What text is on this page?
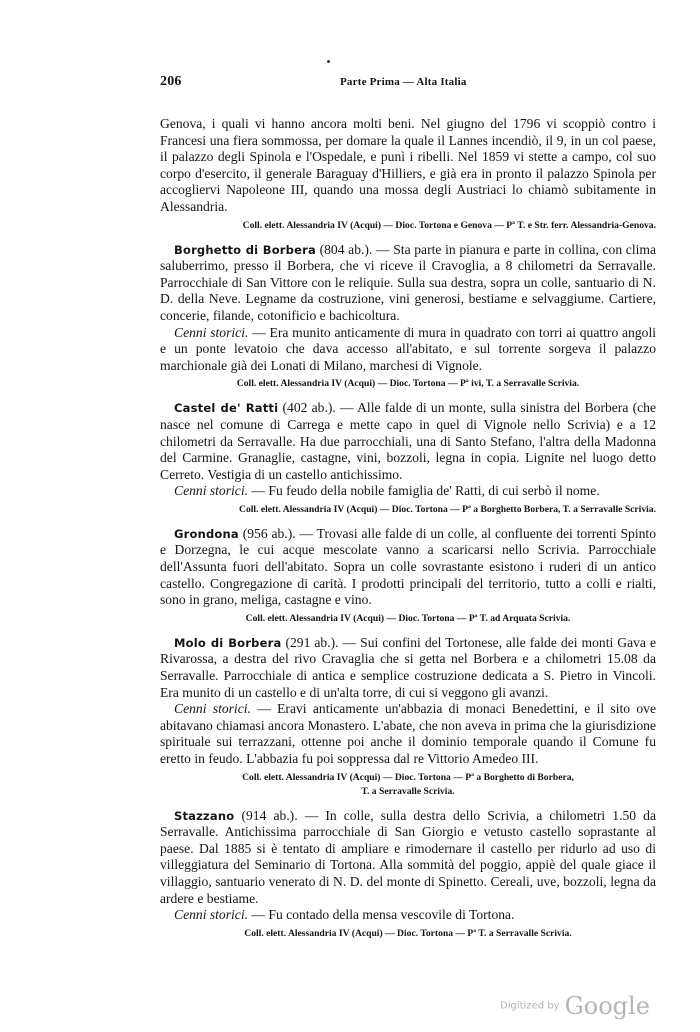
206	Parte Prima — Alta Italia

Genova, i quali vi hanno ancora molti beni. Nel giugno del 1796 vi scoppiò contro i Francesi una fiera sommossa, per domare la quale il Lannes incendiò, il 9, in un col paese, il palazzo degli Spinola e l'Ospedale, e punì i ribelli. Nel 1859 vi stette a campo, col suo corpo d'esercito, il generale Baraguay d'Hilliers, e già era in pronto il palazzo Spinola per accogliervi Napoleone III, quando una mossa degli Austriaci lo chiamò subitamente in Alessandria.

Coll. elett. Alessandria IV (Acqui) — Dioc. Tortona e Genova — Pª T. e Str. ferr. Alessandria-Genova.

Borghetto di Borbera (804 ab.). — Sta parte in pianura e parte in collina, con clima saluberrimo, presso il Borbera, che vi riceve il Cravoglia, a 8 chilometri da Serravalle. Parrocchiale di San Vittore con le reliquie. Sulla sua destra, sopra un colle, santuario di N. D. della Neve. Legname da costruzione, vini generosi, bestiame e selvaggiume. Cartiere, concerie, filande, cotonificio e bachicoltura.

Cenni storici. — Era munito anticamente di mura in quadrato con torri ai quattro angoli e un ponte levatoio che dava accesso all'abitato, e sul torrente sorgeva il palazzo marchionale già dei Lonati di Milano, marchesi di Vignole.

Coll. elett. Alessandria IV (Acqui) — Dioc. Tortona — Pª ivi, T. a Serravalle Scrivia.

Castel de' Ratti (402 ab.). — Alle falde di un monte, sulla sinistra del Borbera (che nasce nel comune di Carrega e mette capo in quel di Vignole nello Scrivia) e a 12 chilometri da Serravalle. Ha due parrocchiali, una di Santo Stefano, l'altra della Madonna del Carmine. Granaglie, castagne, vini, bozzoli, legna in copia. Lignite nel luogo detto Cerreto. Vestigia di un castello antichissimo.

Cenni storici. — Fu feudo della nobile famiglia de' Ratti, di cui serbò il nome.

Coll. elett. Alessandria IV (Acqui) — Dioc. Tortona — Pª a Borghetto Borbera, T. a Serravalle Scrivia.

Grondona (956 ab.). — Trovasi alle falde di un colle, al confluente dei torrenti Spinto e Dorzegna, le cui acque mescolate vanno a scaricarsi nello Scrivia. Parrocchiale dell'Assunta fuori dell'abitato. Sopra un colle sovrastante esistono i ruderi di un antico castello. Congregazione di carità. I prodotti principali del territorio, tutto a colli e rialti, sono in grano, meliga, castagne e vino.

Coll. elett. Alessandria IV (Acqui) — Dioc. Tortona — Pª T. ad Arquata Scrivia.

Molo di Borbera (291 ab.). — Sui confini del Tortonese, alle falde dei monti Gava e Rivarossa, a destra del rivo Cravaglia che si getta nel Borbera e a chilometri 15.08 da Serravalle. Parrocchiale di antica e semplice costruzione dedicata a S. Pietro in Vincoli. Era munito di un castello e di un'alta torre, di cui si veggono gli avanzi.

Cenni storici. — Eravi anticamente un'abbazia di monaci Benedettini, e il sito ove abitavano chiamasi ancora Monastero. L'abate, che non aveva in prima che la giurisdizione spirituale sui terrazzani, ottenne poi anche il dominio temporale quando il Comune fu eretto in feudo. L'abbazia fu poi soppressa dal re Vittorio Amedeo III.

Coll. elett. Alessandria IV (Acqui) — Dioc. Tortona — Pª a Borghetto di Borbera,

T. a Serravalle Scrivia.

Stazzano (914 ab.). — In colle, sulla destra dello Scrivia, a chilometri 1.50 da Serravalle. Antichissima parrocchiale di San Giorgio e vetusto castello soprastante al paese. Dal 1885 si è tentato di ampliare e rimodernare il castello per ridurlo ad uso di villeggiatura del Seminario di Tortona. Alla sommità del poggio, appiè del quale giace il villaggio, santuario venerato di N. D. del monte di Spinetto. Cereali, uve, bozzoli, legna da ardere e bestiame.

Cenni storici. — Fu contado della mensa vescovile di Tortona.

Coll. elett. Alessandria IV (Acqui) — Dioc. Tortona — Pª T. a Serravalle Scrivia.

Digitized by Google
